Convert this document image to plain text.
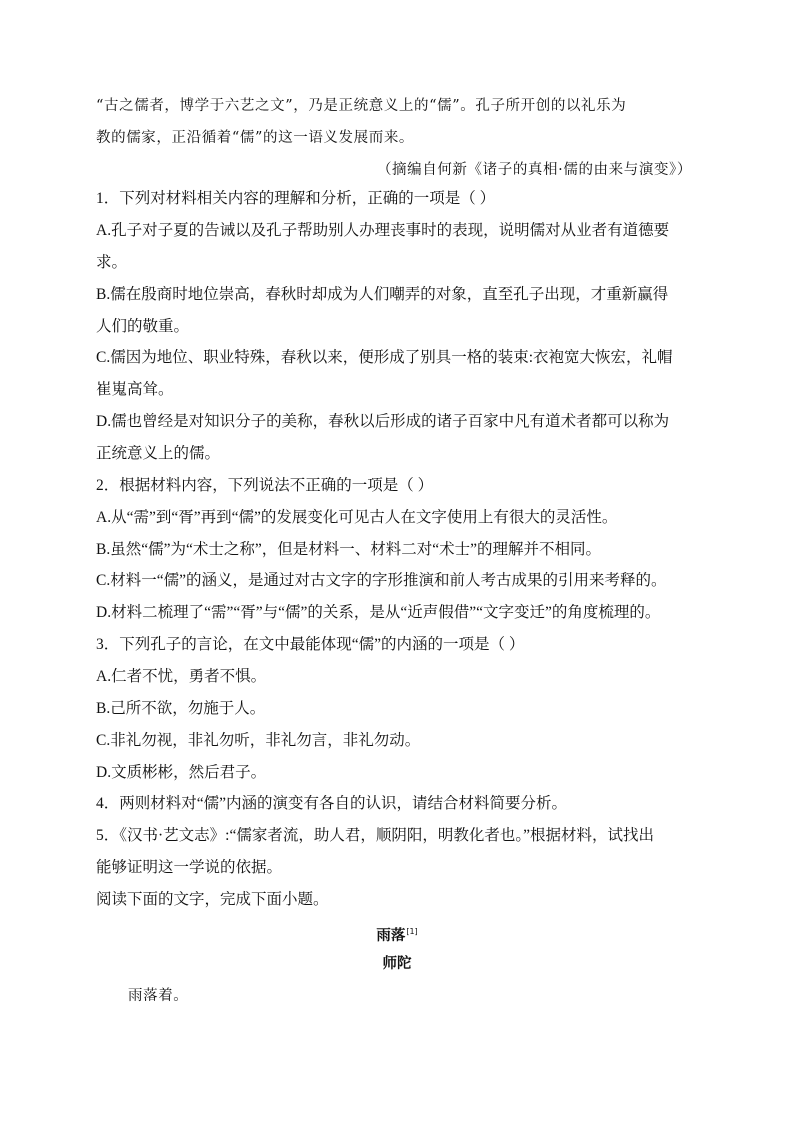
“古之儒者，博学于六艺之文”，乃是正统意义上的“儒”。孔子所开创的以礼乐为
教的儒家，正沿循着“儒”的这一语义发展而来。
（摘编自何新《诸子的真相·儒的由来与演变》）
1．下列对材料相关内容的理解和分析，正确的一项是（ ）
A.孔子对子夏的告诫以及孔子帮助别人办理丧事时的表现，说明儒对从业者有道德要
求。
B.儒在殷商时地位崇高，春秋时却成为人们嘲弄的对象，直至孔子出现，才重新赢得
人们的敬重。
C.儒因为地位、职业特殊，春秋以来，便形成了别具一格的装束:衣袍宽大恢宏，礼帽
崔嵬高耸。
D.儒也曾经是对知识分子的美称，春秋以后形成的诸子百家中凡有道术者都可以称为
正统意义上的儒。
2．根据材料内容，下列说法不正确的一项是（ ）
A.从“需”到“胥”再到“儒”的发展变化可见古人在文字使用上有很大的灵活性。
B.虽然“儒”为“术士之称”，但是材料一、材料二对“术士”的理解并不相同。
C.材料一“儒”的涵义，是通过对古文字的字形推演和前人考古成果的引用来考释的。
D.材料二梳理了“需”“胥”与“儒”的关系，是从“近声假借”“文字变迁”的角度梳理的。
3．下列孔子的言论，在文中最能体现“儒”的内涵的一项是（ ）
A.仁者不忧，勇者不惧。
B.己所不欲，勿施于人。
C.非礼勿视，非礼勿听，非礼勿言，非礼勿动。
D.文质彬彬，然后君子。
4．两则材料对“儒”内涵的演变有各自的认识，请结合材料简要分析。
5．《汉书·艺文志》:“儒家者流，助人君，顺阴阳，明教化者也。”根据材料，试找出
能够证明这一学说的依据。
阅读下面的文字，完成下面小题。
雨落[1]
师陀
雨落着。
